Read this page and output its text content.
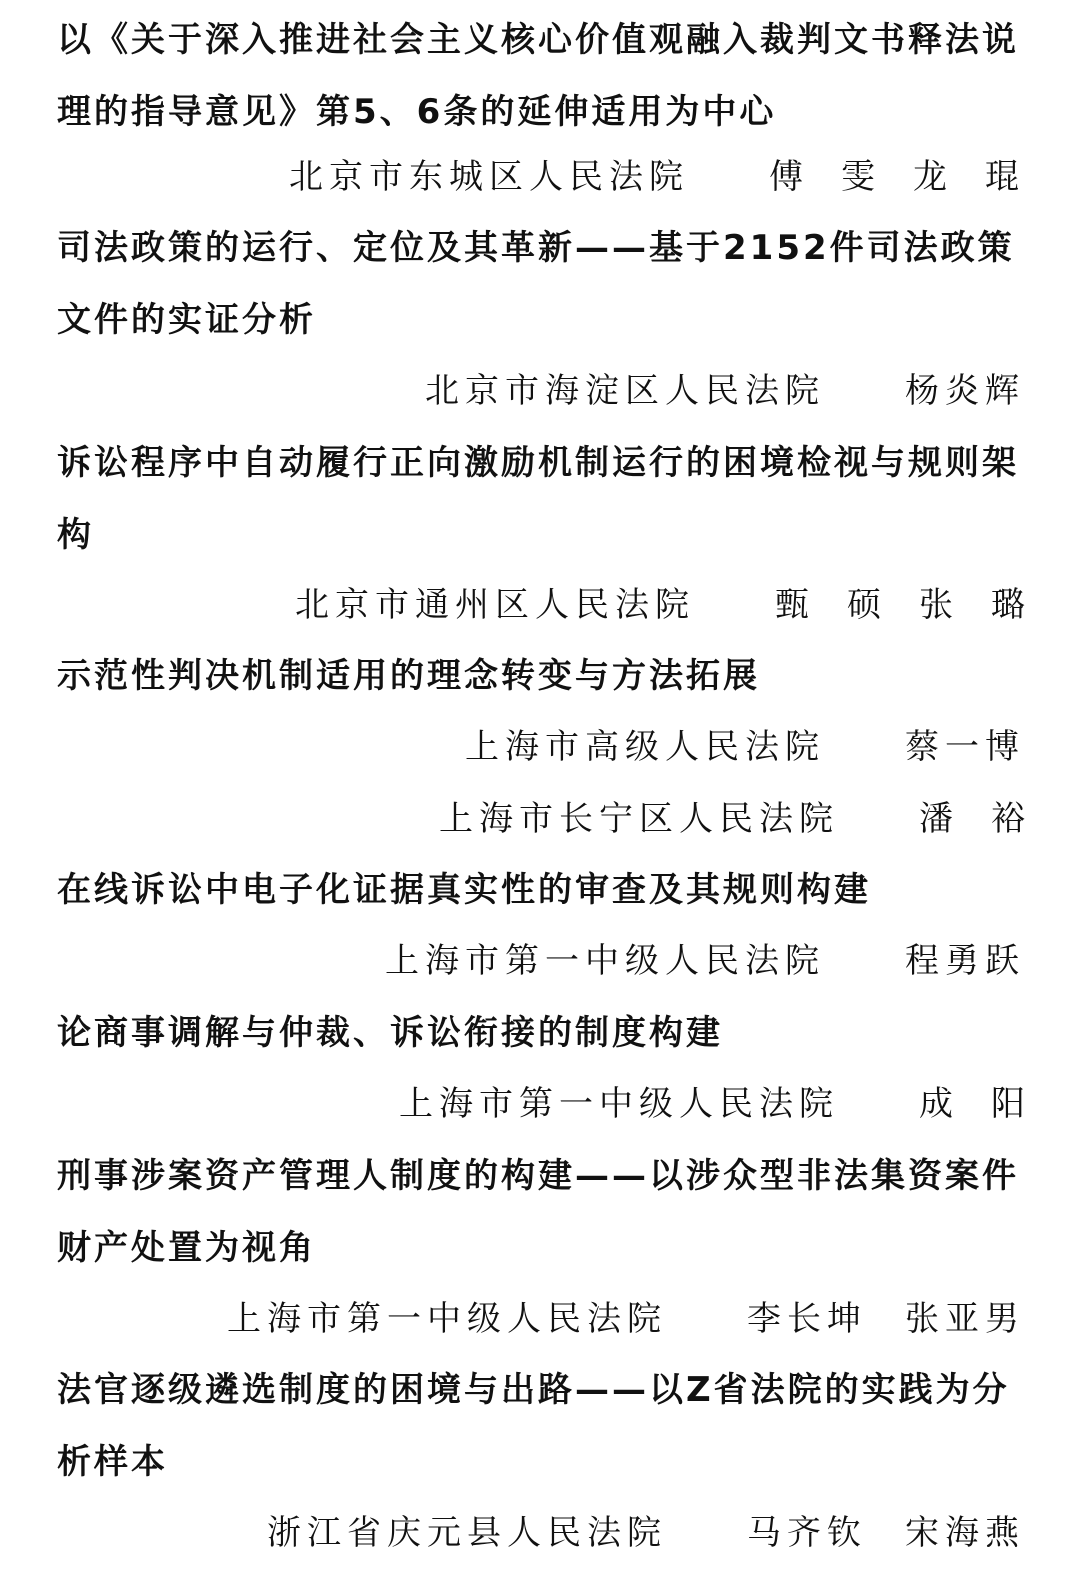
以《关于深入推进社会主义核心价值观融入裁判文书释法说理的指导意见》第5、6条的延伸适用为中心

北京市东城区人民法院 傅雯龙 琨

司法政策的运行、定位及其革新——基于2152件司法政策文件的实证分析

北京市海淀区人民法院 杨炎辉

诉讼程序中自动履行正向激励机制运行的困境检视与规则架构

北京市通州区人民法院 甄硕 张璐

示范性判决机制适用的理念转变与方法拓展

上海市高级人民法院 蔡一博
上海市长宁区人民法院 潘裕

在线诉讼中电子化证据真实性的审查及其规则构建

上海市第一中级人民法院 程勇跃

论商事调解与仲裁、诉讼衔接的制度构建

上海市第一中级人民法院 成阳

刑事涉案资产管理人制度的构建——以涉众型非法集资案件财产处置为视角

上海市第一中级人民法院 李长坤 张亚男

法官逐级遴选制度的困境与出路——以Z省法院的实践为分析样本

浙江省庆元县人民法院 马齐钦 宋海燕
